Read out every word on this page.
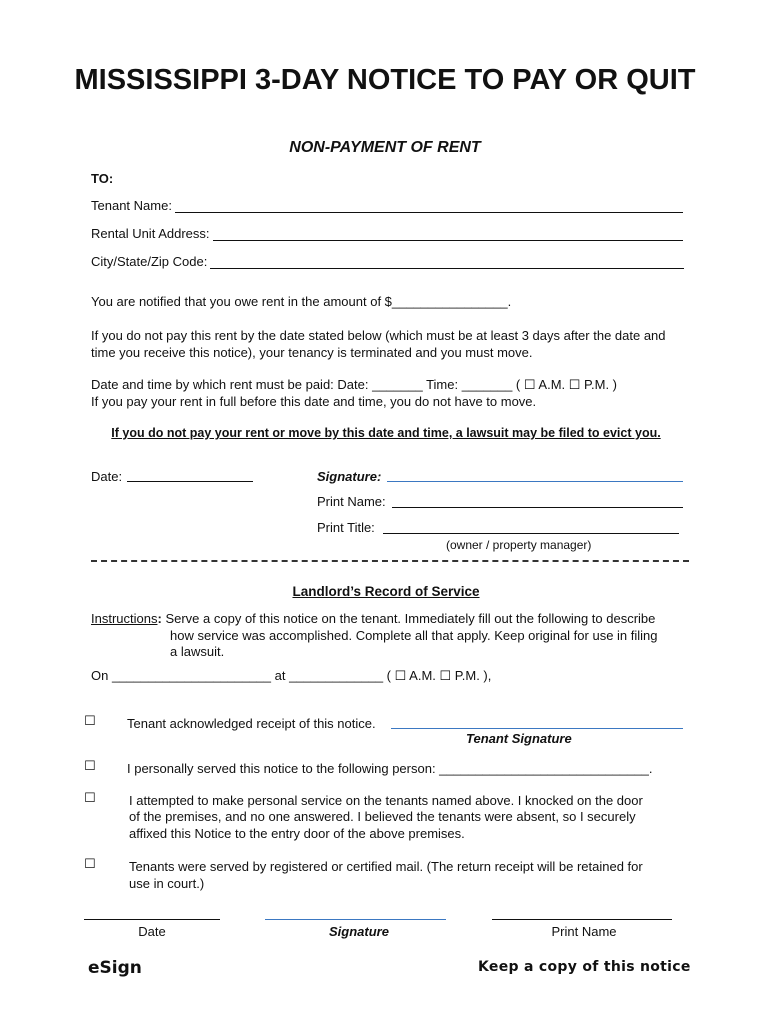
MISSISSIPPI 3-DAY NOTICE TO PAY OR QUIT
NON-PAYMENT OF RENT
TO:
Tenant Name:
Rental Unit Address:
City/State/Zip Code:
You are notified that you owe rent in the amount of $________________.
If you do not pay this rent by the date stated below (which must be at least 3 days after the date and time you receive this notice), your tenancy is terminated and you must move.
Date and time by which rent must be paid: Date: _______ Time: _______ ( ☐ A.M. ☐ P.M. )
If you pay your rent in full before this date and time, you do not have to move.
If you do not pay your rent or move by this date and time, a lawsuit may be filed to evict you.
Date:	Signature:
Print Name:
Print Title:
(owner / property manager)
Landlord’s Record of Service
Instructions: Serve a copy of this notice on the tenant. Immediately fill out the following to describe
how service was accomplished. Complete all that apply. Keep original for use in filing
a lawsuit.
On ______________________ at _____________ ( ☐ A.M. ☐ P.M. ),
☐ Tenant acknowledged receipt of this notice.
Tenant Signature
☐ I personally served this notice to the following person: _____________________________.
☐	I attempted to make personal service on the tenants named above. I knocked on the door
of the premises, and no one answered. I believed the tenants were absent, so I securely
affixed this Notice to the entry door of the above premises.
☐	Tenants were served by registered or certified mail. (The return receipt will be retained for
use in court.)
Date	Signature	Print Name
eSign	Keep a copy of this notice
